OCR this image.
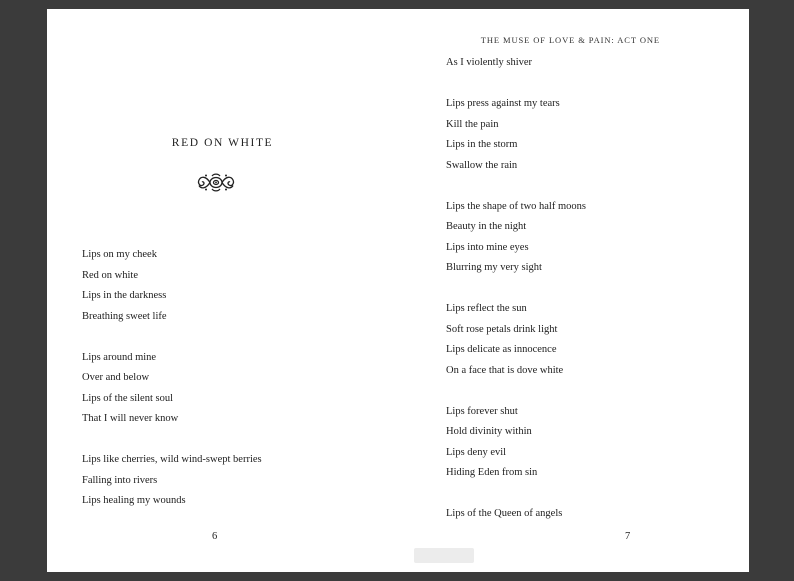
RED ON WHITE
Lips on my cheek
Red on white
Lips in the darkness
Breathing sweet life
Lips around mine
Over and below
Lips of the silent soul
That I will never know
Lips like cherries, wild wind-swept berries
Falling into rivers
Lips healing my wounds
6
THE MUSE OF LOVE & PAIN: ACT ONE
As I violently shiver
Lips press against my tears
Kill the pain
Lips in the storm
Swallow the rain
Lips the shape of two half moons
Beauty in the night
Lips into mine eyes
Blurring my very sight
Lips reflect the sun
Soft rose petals drink light
Lips delicate as innocence
On a face that is dove white
Lips forever shut
Hold divinity within
Lips deny evil
Hiding Eden from sin
Lips of the Queen of angels
7
